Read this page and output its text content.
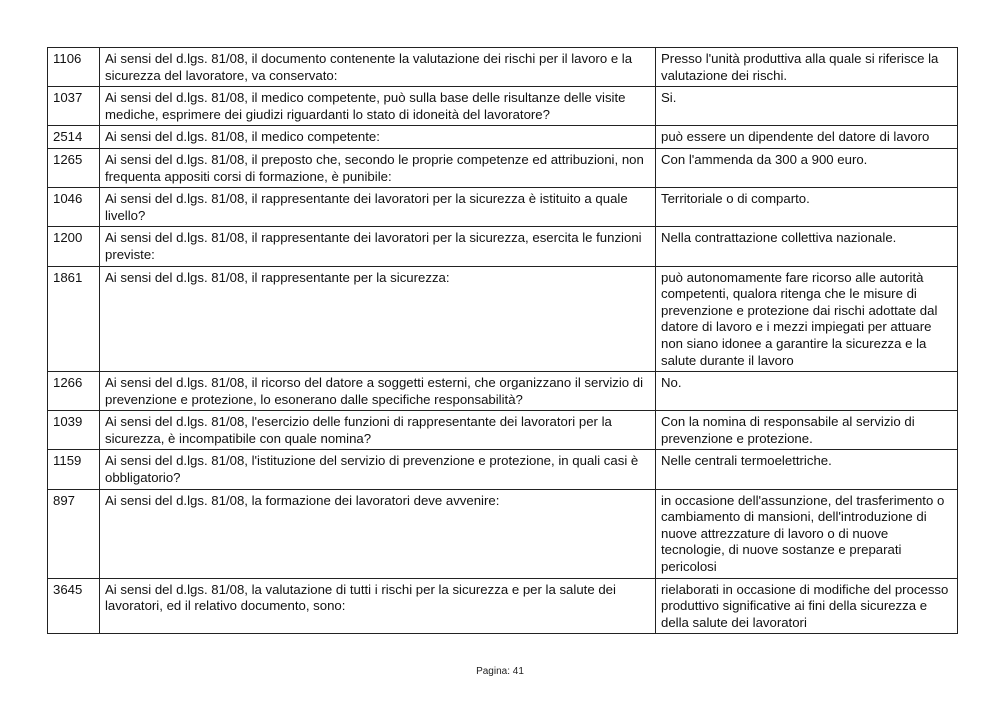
1106	Ai sensi del d.lgs. 81/08, il documento contenente la valutazione dei rischi per il lavoro e la sicurezza del lavoratore, va conservato:	Presso l'unità produttiva alla quale si riferisce la valutazione dei rischi.
1037	Ai sensi del d.lgs. 81/08, il medico competente, può sulla base delle risultanze delle visite mediche, esprimere dei giudizi riguardanti lo stato di idoneità del lavoratore?	Si.
2514	Ai sensi del d.lgs. 81/08, il medico competente:	può essere un dipendente del datore di lavoro
1265	Ai sensi del d.lgs. 81/08, il preposto che, secondo le proprie competenze ed attribuzioni, non frequenta appositi corsi di formazione, è punibile:	Con l'ammenda da 300 a 900 euro.
1046	Ai sensi del d.lgs. 81/08, il rappresentante dei lavoratori per la sicurezza è istituito a quale livello?	Territoriale o di comparto.
1200	Ai sensi del d.lgs. 81/08, il rappresentante dei lavoratori per la sicurezza, esercita le funzioni previste:	Nella contrattazione collettiva nazionale.
1861	Ai sensi del d.lgs. 81/08, il rappresentante per la sicurezza:	può autonomamente fare ricorso alle autorità competenti, qualora ritenga che le misure di prevenzione e protezione dai rischi adottate dal datore di lavoro e i mezzi impiegati per attuare non siano idonee a garantire la sicurezza e la salute durante il lavoro
1266	Ai sensi del d.lgs. 81/08, il ricorso del datore a soggetti esterni, che organizzano il servizio di prevenzione e protezione, lo esonerano dalle specifiche responsabilità?	No.
1039	Ai sensi del d.lgs. 81/08, l'esercizio delle funzioni di rappresentante dei lavoratori per la sicurezza, è incompatibile con quale nomina?	Con la nomina di responsabile al servizio di prevenzione e protezione.
1159	Ai sensi del d.lgs. 81/08, l'istituzione del servizio di prevenzione e protezione, in quali casi è obbligatorio?	Nelle centrali termoelettriche.
897	Ai sensi del d.lgs. 81/08, la formazione dei lavoratori deve avvenire:	in occasione dell'assunzione, del trasferimento o cambiamento di mansioni, dell'introduzione di nuove attrezzature di lavoro o di nuove tecnologie, di nuove sostanze e preparati pericolosi
3645	Ai sensi del d.lgs. 81/08, la valutazione di tutti i rischi per la sicurezza e per la salute dei lavoratori, ed il relativo documento, sono:	rielaborati in occasione di modifiche del processo produttivo significative ai fini della sicurezza e della salute dei lavoratori
Pagina: 41
